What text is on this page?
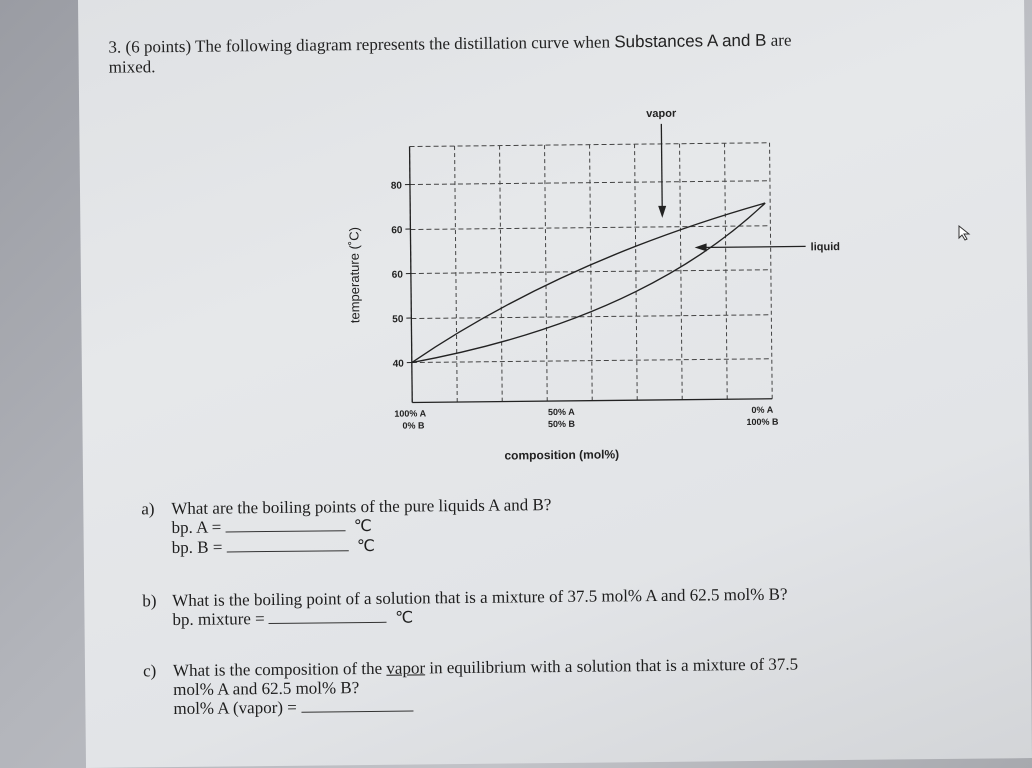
3. (6 points) The following diagram represents the distillation curve when Substances A and B are
mixed.
80
60
60
50
40
temperature (˚C)
100% A
0% B
50% A
50% B
0% A
100% B
composition (mol%)
vapor
liquid
a) What are the boiling points of the pure liquids A and B?
bp. A =	℃
bp. B =	℃
b) What is the boiling point of a solution that is a mixture of 37.5 mol% A and 62.5 mol% B?
bp. mixture =	℃
c) What is the composition of the vapor in equilibrium with a solution that is a mixture of 37.5
mol% A and 62.5 mol% B?
mol% A (vapor) =
